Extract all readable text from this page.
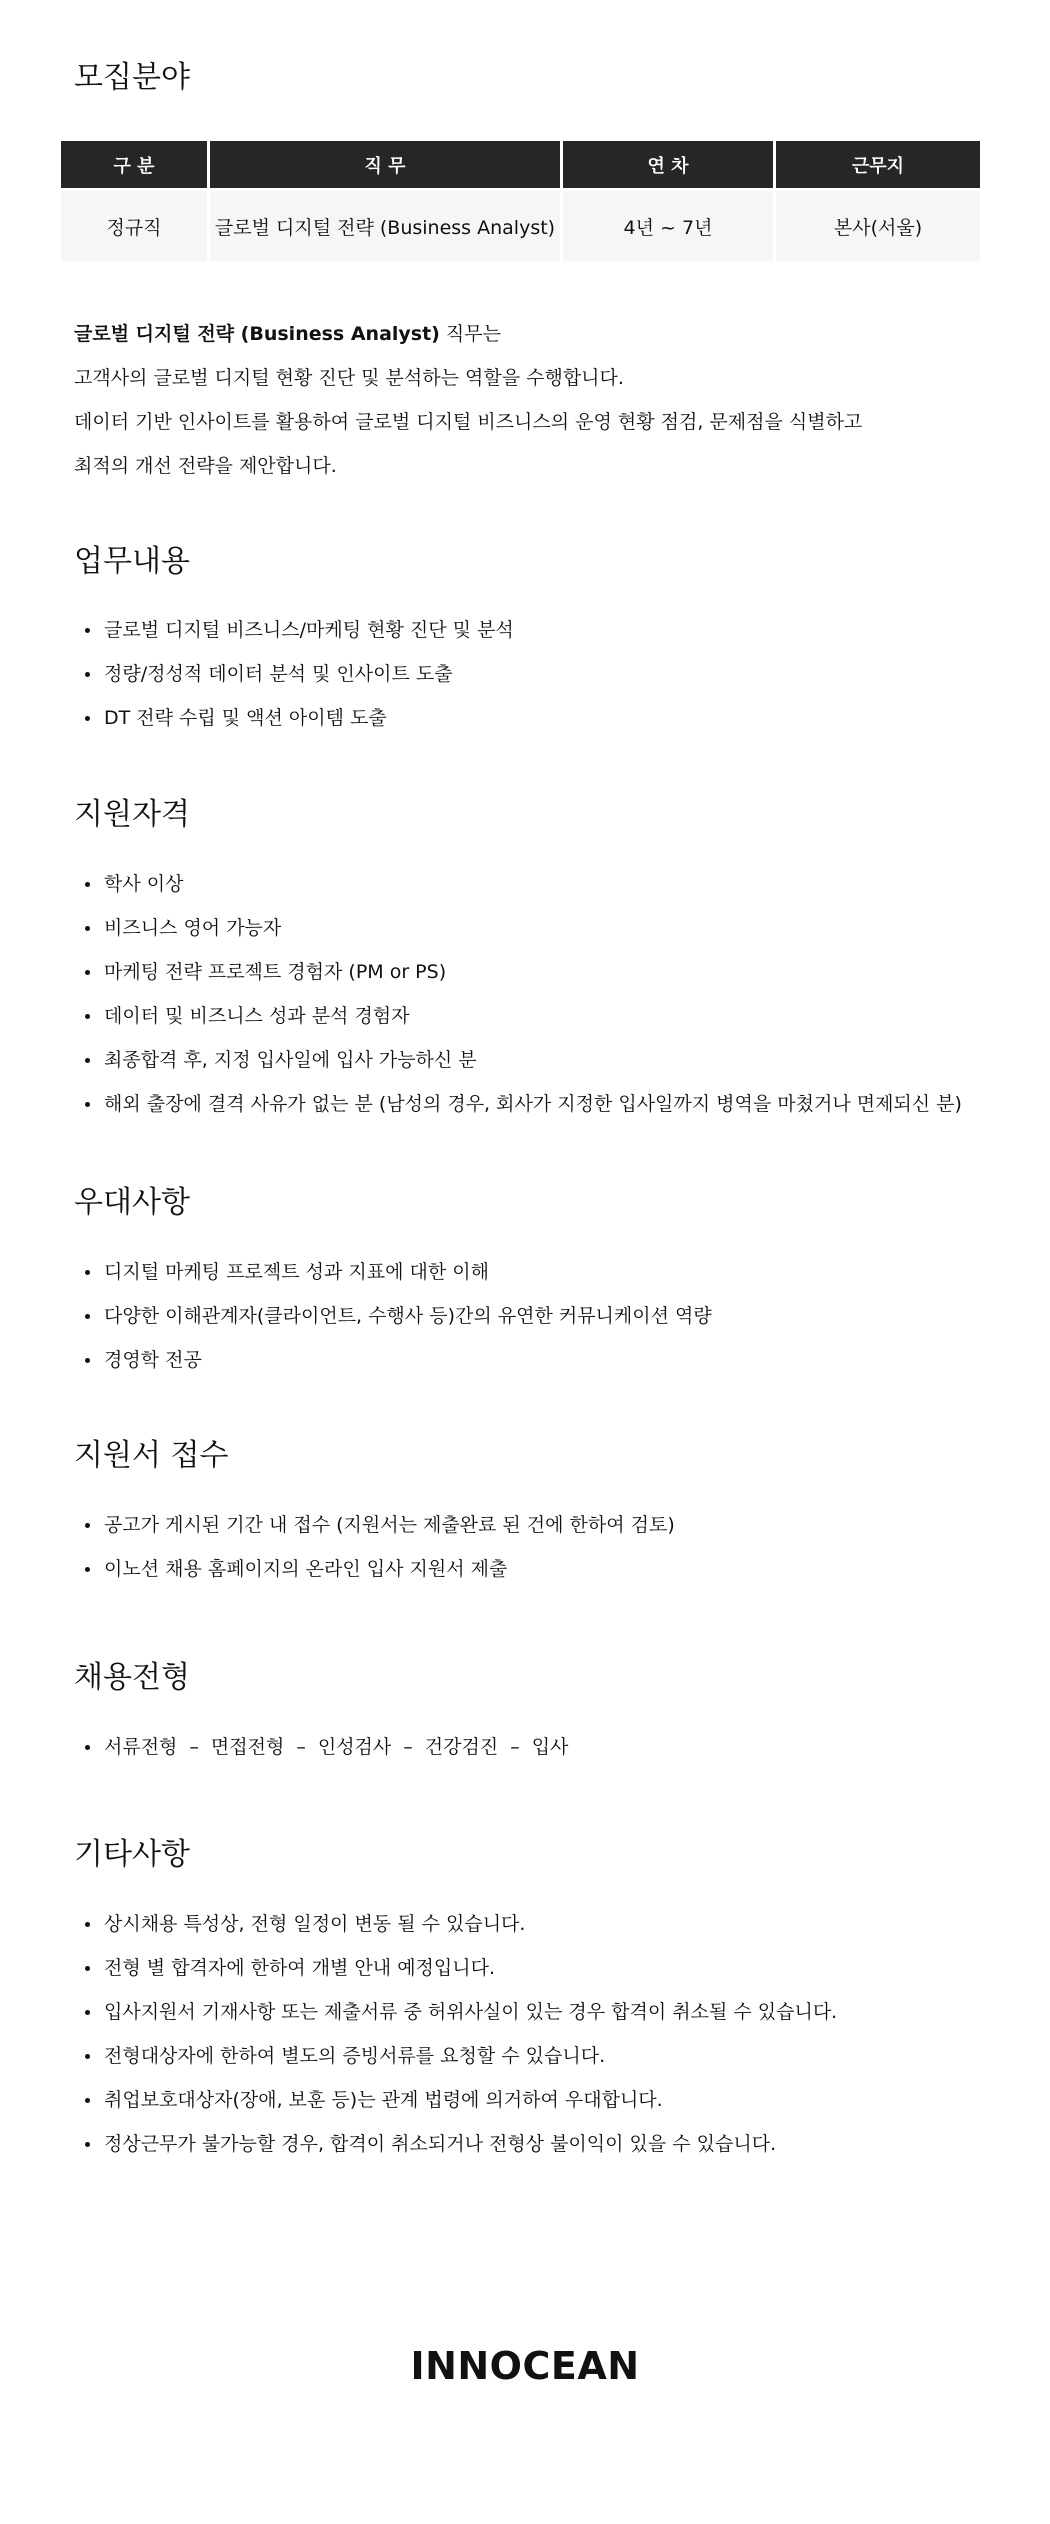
모집분야
구 분	직 무	연 차	근무지
정규직	글로벌 디지털 전략 (Business Analyst)	4년 ~ 7년	본사(서울)

글로벌 디지털 전략 (Business Analyst) 직무는

고객사의 글로벌 디지털 현황 진단 및 분석하는 역할을 수행합니다.

데이터 기반 인사이트를 활용하여 글로벌 디지털 비즈니스의 운영 현황 점검, 문제점을 식별하고

최적의 개선 전략을 제안합니다.

업무내용
글로벌 디지털 비즈니스/마케팅 현황 진단 및 분석
정량/정성적 데이터 분석 및 인사이트 도출
DT 전략 수립 및 액션 아이템 도출
지원자격
학사 이상
비즈니스 영어 가능자
마케팅 전략 프로젝트 경험자 (PM or PS)
데이터 및 비즈니스 성과 분석 경험자
최종합격 후, 지정 입사일에 입사 가능하신 분
해외 출장에 결격 사유가 없는 분 (남성의 경우, 회사가 지정한 입사일까지 병역을 마쳤거나 면제되신 분)
우대사항
디지털 마케팅 프로젝트 성과 지표에 대한 이해
다양한 이해관계자(클라이언트, 수행사 등)간의 유연한 커뮤니케이션 역량
경영학 전공
지원서 접수
공고가 게시된 기간 내 접수 (지원서는 제출완료 된 건에 한하여 검토)
이노션 채용 홈페이지의 온라인 입사 지원서 제출
채용전형
서류전형 – 면접전형 – 인성검사 – 건강검진 – 입사
기타사항
상시채용 특성상, 전형 일정이 변동 될 수 있습니다.
전형 별 합격자에 한하여 개별 안내 예정입니다.
입사지원서 기재사항 또는 제출서류 중 허위사실이 있는 경우 합격이 취소될 수 있습니다.
전형대상자에 한하여 별도의 증빙서류를 요청할 수 있습니다.
취업보호대상자(장애, 보훈 등)는 관계 법령에 의거하여 우대합니다.
정상근무가 불가능할 경우, 합격이 취소되거나 전형상 불이익이 있을 수 있습니다.
INNOCEAN
